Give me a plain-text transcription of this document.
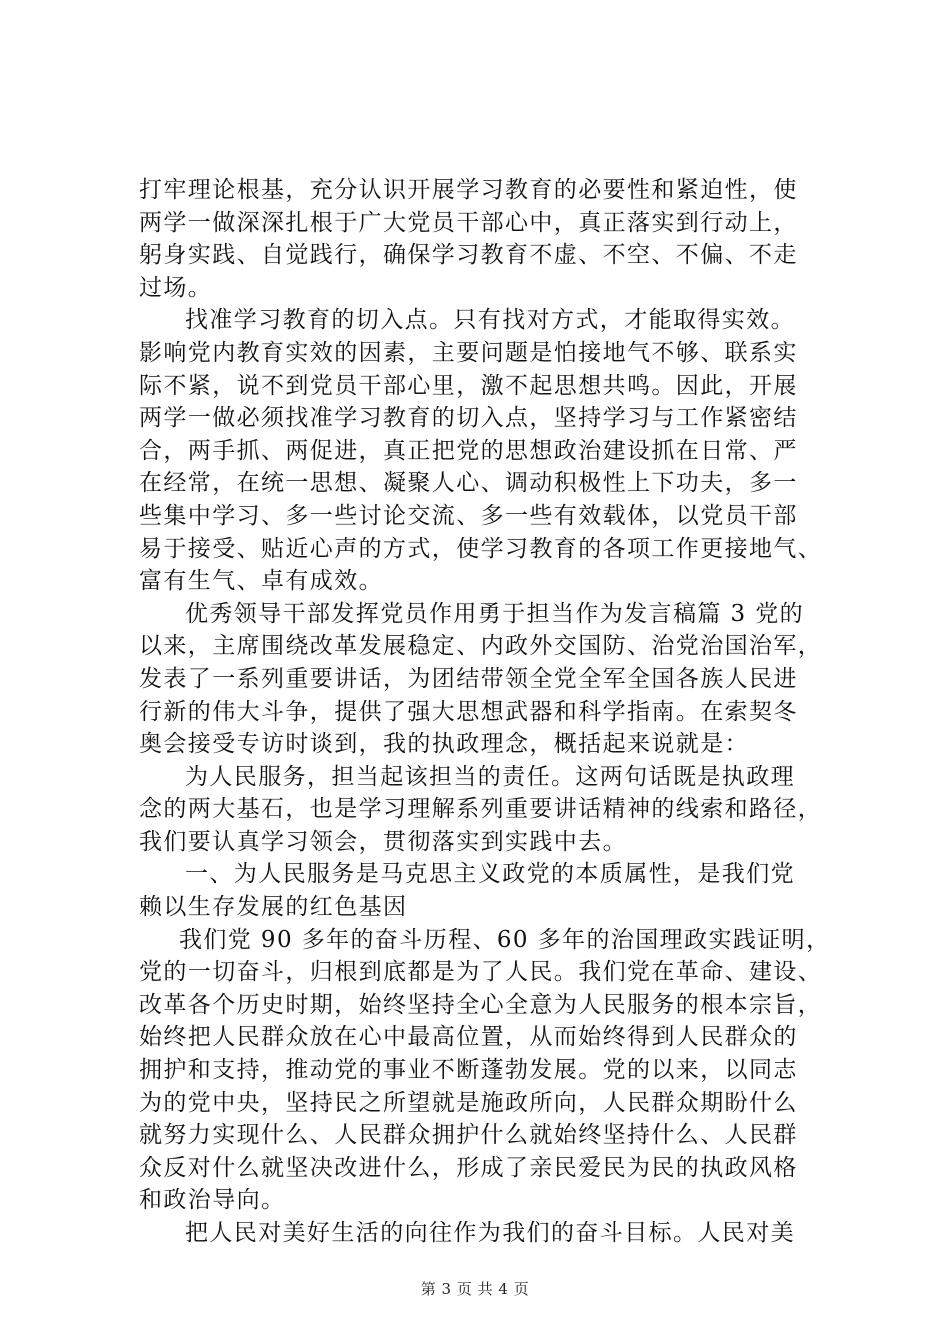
打牢理论根基，充分认识开展学习教育的必要性和紧迫性，使
两学一做深深扎根于广大党员干部心中，真正落实到行动上，
躬身实践、自觉践行，确保学习教育不虚、不空、不偏、不走
过场。
找准学习教育的切入点。只有找对方式，才能取得实效。
影响党内教育实效的因素，主要问题是怕接地气不够、联系实
际不紧，说不到党员干部心里，激不起思想共鸣。因此，开展
两学一做必须找准学习教育的切入点，坚持学习与工作紧密结
合，两手抓、两促进，真正把党的思想政治建设抓在日常、严
在经常，在统一思想、凝聚人心、调动积极性上下功夫，多一
些集中学习、多一些讨论交流、多一些有效载体，以党员干部
易于接受、贴近心声的方式，使学习教育的各项工作更接地气、
富有生气、卓有成效。
优秀领导干部发挥党员作用勇于担当作为发言稿篇 3 党的
以来，主席围绕改革发展稳定、内政外交国防、治党治国治军，
发表了一系列重要讲话，为团结带领全党全军全国各族人民进
行新的伟大斗争，提供了强大思想武器和科学指南。在索契冬
奥会接受专访时谈到，我的执政理念，概括起来说就是：
为人民服务，担当起该担当的责任。这两句话既是执政理
念的两大基石，也是学习理解系列重要讲话精神的线索和路径，
我们要认真学习领会，贯彻落实到实践中去。
一、为人民服务是马克思主义政党的本质属性，是我们党
赖以生存发展的红色基因
我们党 90 多年的奋斗历程、60 多年的治国理政实践证明，
党的一切奋斗，归根到底都是为了人民。我们党在革命、建设、
改革各个历史时期，始终坚持全心全意为人民服务的根本宗旨，
始终把人民群众放在心中最高位置，从而始终得到人民群众的
拥护和支持，推动党的事业不断蓬勃发展。党的以来，以同志
为的党中央，坚持民之所望就是施政所向，人民群众期盼什么
就努力实现什么、人民群众拥护什么就始终坚持什么、人民群
众反对什么就坚决改进什么，形成了亲民爱民为民的执政风格
和政治导向。
把人民对美好生活的向往作为我们的奋斗目标。人民对美
第 3 页 共 4 页
